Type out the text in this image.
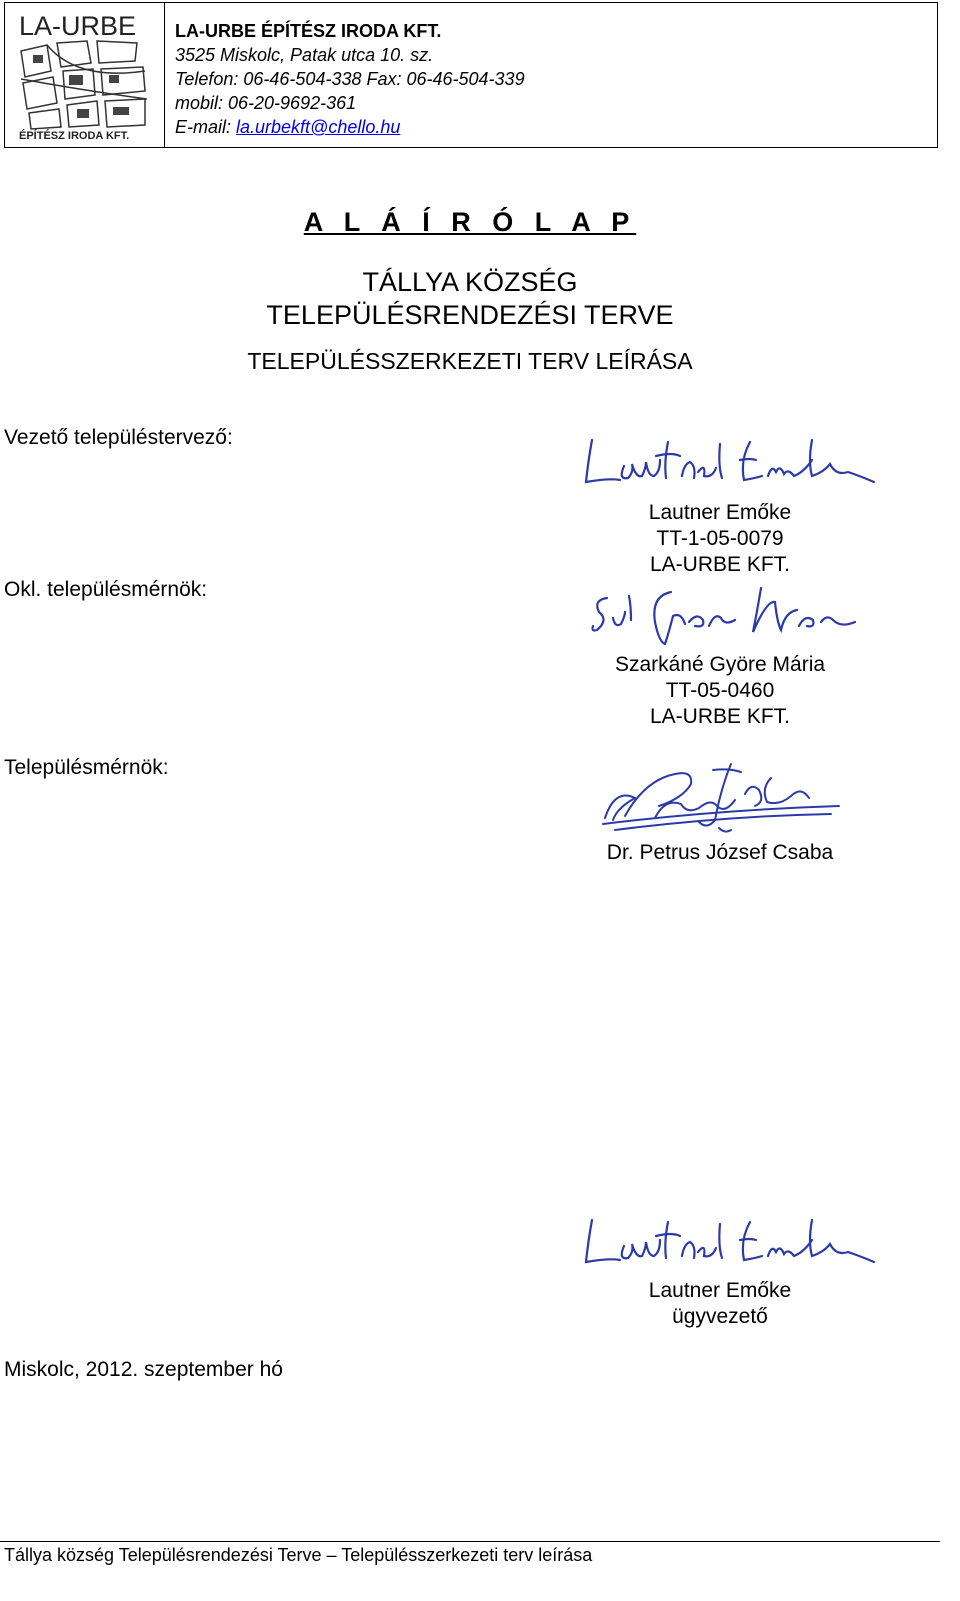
LA-URBE
ÉPÍTÉSZ IRODA KFT.
LA-URBE ÉPÍTÉSZ IRODA KFT.
3525 Miskolc, Patak utca 10. sz.
Telefon: 06-46-504-338 Fax: 06-46-504-339
mobil: 06-20-9692-361
E-mail: la.urbekft@chello.hu
A L Á Í R Ó L A P
TÁLLYA KÖZSÉG
TELEPÜLÉSRENDEZÉSI TERVE
TELEPÜLÉSSZERKEZETI TERV LEÍRÁSA
Vezető településtervező:
Lautner Emőke
TT-1-05-0079
LA-URBE KFT.
Okl. településmérnök:
Szarkáné Györe Mária
TT-05-0460
LA-URBE KFT.
Településmérnök:
Dr. Petrus József Csaba
Lautner Emőke
ügyvezető
Miskolc, 2012. szeptember hó
Tállya község Településrendezési Terve – Településszerkezeti terv leírása
